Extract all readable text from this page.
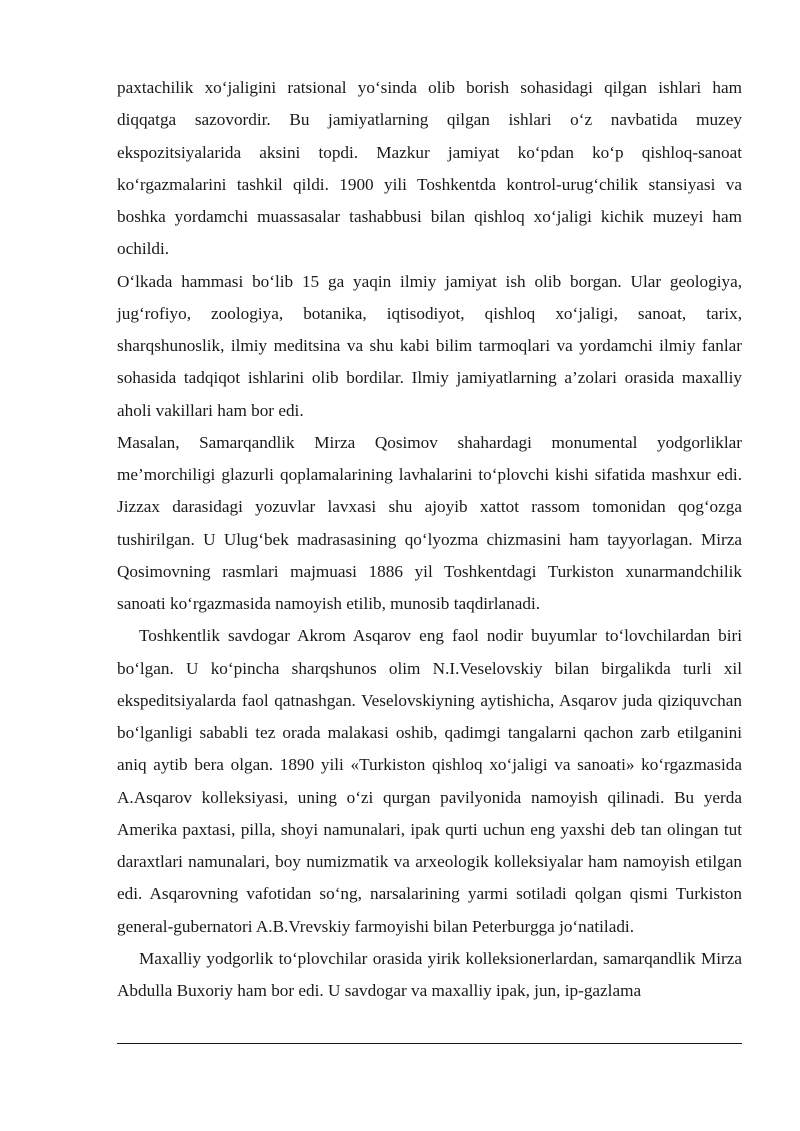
paxtachilik xo‘jaligini ratsional yo‘sinda olib borish sohasidagi qilgan ishlari ham diqqatga sazovordir. Bu jamiyatlarning qilgan ishlari o‘z navbatida muzey ekspozitsiyalarida aksini topdi. Mazkur jamiyat ko‘pdan ko‘p qishloq-sanoat ko‘rgazmalarini tashkil qildi. 1900 yili Toshkentda kontrol-urug‘chilik stansiyasi va boshka yordamchi muassasalar tashabbusi bilan qishloq xo‘jaligi kichik muzeyi ham ochildi.

O‘lkada hammasi bo‘lib 15 ga yaqin ilmiy jamiyat ish olib borgan. Ular geologiya, jug‘rofiyo, zoologiya, botanika, iqtisodiyot, qishloq xo‘jaligi, sanoat, tarix, sharqshunoslik, ilmiy meditsina va shu kabi bilim tarmoqlari va yordamchi ilmiy fanlar sohasida tadqiqot ishlarini olib bordilar. Ilmiy jamiyatlarning a’zolari orasida maxalliy aholi vakillari ham bor edi.

Masalan, Samarqandlik Mirza Qosimov shahardagi monumental yodgorliklar me’morchiligi glazurli qoplamalarining lavhalarini to‘plovchi kishi sifatida mashxur edi. Jizzax darasidagi yozuvlar lavxasi shu ajoyib xattot rassom tomonidan qog‘ozga tushirilgan. U Ulug‘bek madrasasining qo‘lyozma chizmasini ham tayyorlagan. Mirza Qosimovning rasmlari majmuasi 1886 yil Toshkentdagi Turkiston xunarmandchilik sanoati ko‘rgazmasida namoyish etilib, munosib taqdirlanadi.

Toshkentlik savdogar Akrom Asqarov eng faol nodir buyumlar to‘lovchilardan biri bo‘lgan. U ko‘pincha sharqshunos olim N.I.Veselovskiy bilan birgalikda turli xil ekspeditsiyalarda faol qatnashgan. Veselovskiyning aytishicha, Asqarov juda qiziquvchan bo‘lganligi sababli tez orada malakasi oshib, qadimgi tangalarni qachon zarb etilganini aniq aytib bera olgan. 1890 yili «Turkiston qishloq xo‘jaligi va sanoati» ko‘rgazmasida A.Asqarov kolleksiyasi, uning o‘zi qurgan pavilyonida namoyish qilinadi. Bu yerda Amerika paxtasi, pilla, shoyi namunalari, ipak qurti uchun eng yaxshi deb tan olingan tut daraxtlari namunalari, boy numizmatik va arxeologik kolleksiyalar ham namoyish etilgan edi. Asqarovning vafotidan so‘ng, narsalarining yarmi sotiladi qolgan qismi Turkiston general-gubernatori A.B.Vrevskiy farmoyishi bilan Peterburgga jo‘natiladi.

Maxalliy yodgorlik to‘plovchilar orasida yirik kolleksionerlardan, samarqandlik Mirza Abdulla Buxoriy ham bor edi. U savdogar va maxalliy ipak, jun, ip-gazlama
